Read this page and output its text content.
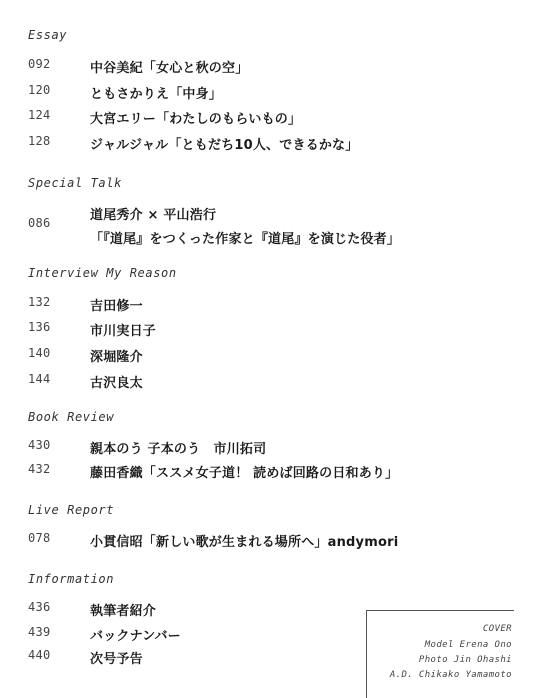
Essay
092	中谷美紀「女心と秋の空」
120	ともさかりえ「中身」
124	大宮エリー「わたしのもらいもの」
128	ジャルジャル「ともだち10人、できるかな」
Special Talk
086	道尾秀介 × 平山浩行
「『道尾』をつくった作家と『道尾』を演じた役者」
Interview My Reason
132	吉田修一
136	市川実日子
140	深堀隆介
144	古沢良太
Book Review
430	親本のう 子本のう　市川拓司
432	藤田香織「ススメ女子道！ 読めば回路の日和あり」
Live Report
078	小貫信昭「新しい歌が生まれる場所へ」andymori
Information
436	執筆者紹介
439	バックナンバー
440	次号予告
COVER
Model Erena Ono
Photo Jin Ohashi
A.D. Chikako Yamamoto
